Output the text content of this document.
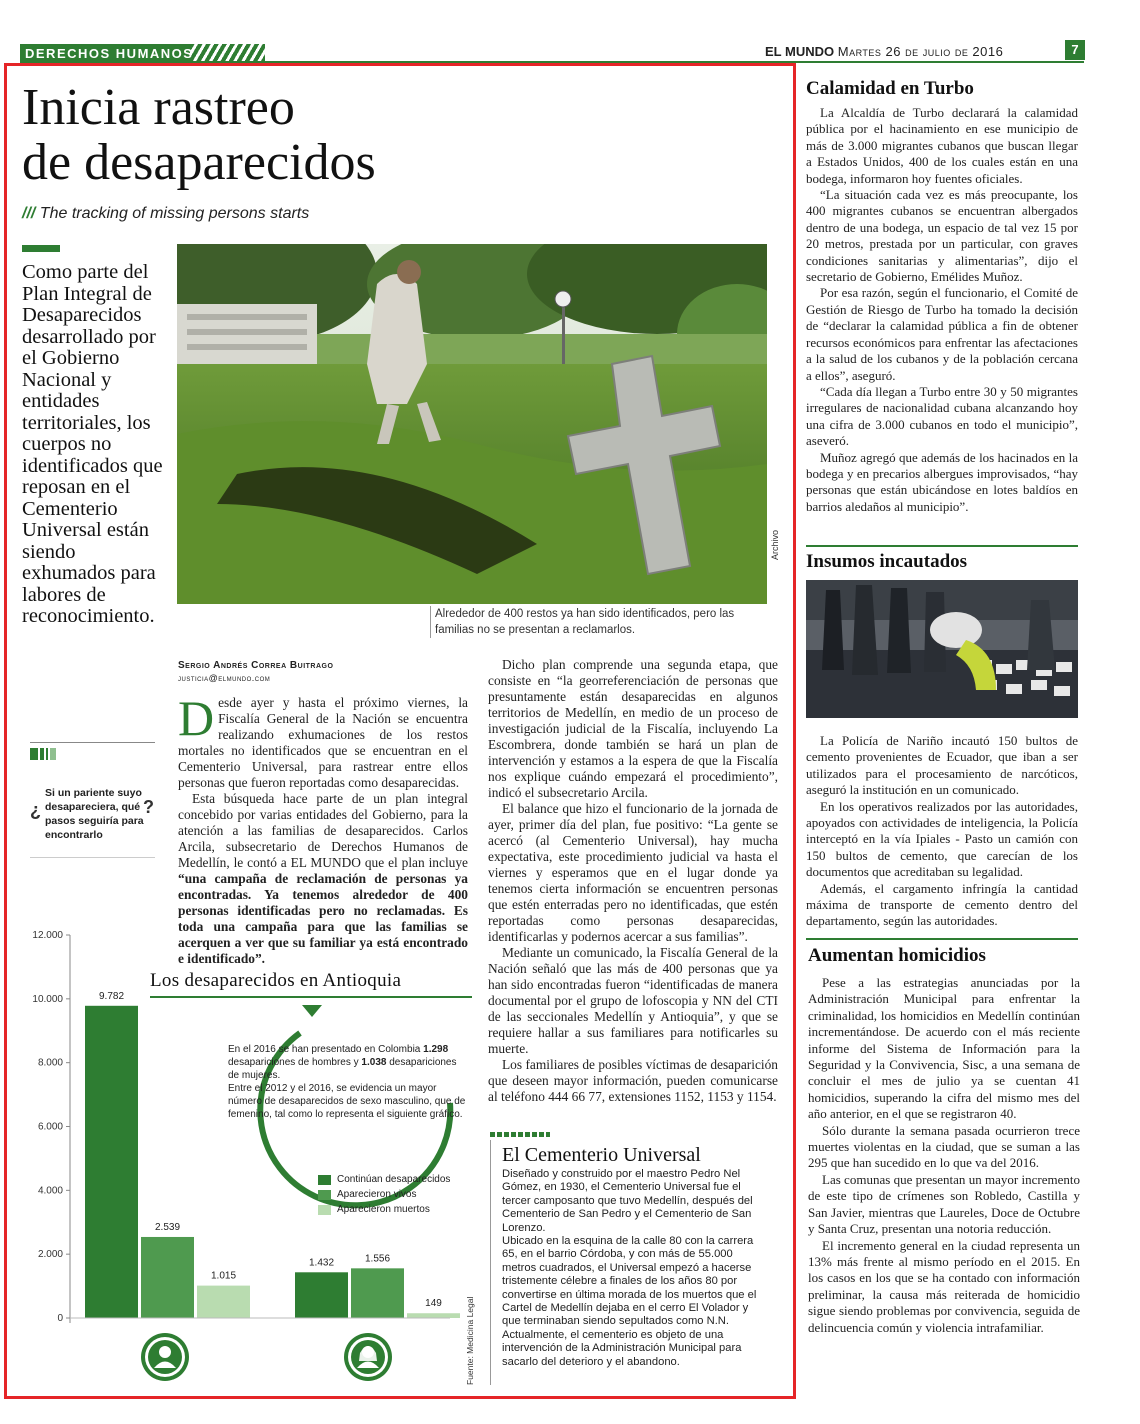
DERECHOS HUMANOS	EL MUNDO Martes 26 de julio de 2016	7
Inicia rastreo
de desaparecidos
/// The tracking of missing persons starts
Como parte del Plan Integral de Desaparecidos desarrollado por el Gobierno Nacional y entidades territoriales, los cuerpos no identificados que reposan en el Cementerio Universal están siendo exhumados para labores de reconocimiento.
Archivo
Alrededor de 400 restos ya han sido identificados, pero las familias no se presentan a reclamarlos.
Sergio Andrés Correa Buitrago
justicia@elmundo.com

Desde ayer y hasta el próximo viernes, la Fiscalía General de la Nación se encuentra realizando exhumaciones de los restos mortales no identificados que se encuentran en el Cementerio Universal, para rastrear entre ellos personas que fueron reportadas como desaparecidas.

Esta búsqueda hace parte de un plan integral concebido por varias entidades del Gobierno, para la atención a las familias de desaparecidos. Carlos Arcila, subsecretario de Derechos Humanos de Medellín, le contó a EL MUNDO que el plan incluye “una campaña de reclamación de personas ya encontradas. Ya tenemos alrededor de 400 personas identificadas pero no reclamadas. Es toda una campaña para que las familias se acerquen a ver que su familiar ya está encontrado e identificado”.

Dicho plan comprende una segunda etapa, que consiste en “la georreferenciación de personas que presuntamente están desaparecidas en algunos territorios de Medellín, en medio de un proceso de investigación judicial de la Fiscalía, incluyendo La Escombrera, donde también se hará un plan de intervención y estamos a la espera de que la Fiscalía nos explique cuándo empezará el procedimiento”, indicó el subsecretario Arcila.

El balance que hizo el funcionario de la jornada de ayer, primer día del plan, fue positivo: “La gente se acercó (al Cementerio Universal), hay mucha expectativa, este procedimiento judicial va hasta el viernes y esperamos que en el lugar donde ya tenemos cierta información se encuentren personas que estén enterradas pero no identificadas, que estén reportadas como personas desaparecidas, identificarlas y podernos acercar a sus familias”.

Mediante un comunicado, la Fiscalía General de la Nación señaló que las más de 400 personas que ya han sido encontradas fueron “identificadas de manera documental por el grupo de lofoscopia y NN del CTI de las seccionales Medellín y Antioquia”, y que se requiere hallar a sus familiares para notificarles su muerte.

Los familiares de posibles víctimas de desaparición que deseen mayor información, pueden comunicarse al teléfono 444 66 77, extensiones 1152, 1153 y 1154.

¿
Si un pariente suyo desapareciera, qué pasos seguiría para encontrarlo
?
0
2.000
4.000
6.000
8.000
10.000
12.000
9.782
2.539
1.015
1.432	1.556
149
Los desaparecidos en Antioquia
En el 2016 se han presentado en Colombia 1.298 desapariciones de hombres y 1.038 desapariciones de mujeres.
Entre el 2012 y el 2016, se evidencia un mayor número de desaparecidos de sexo masculino, que de femenino, tal como lo representa el siguiente gráfico.
Continúan desaparecidos
Aparecieron vivos
Aparecieron muertos
Fuente: Medicina Legal
El Cementerio Universal

Diseñado y construido por el maestro Pedro Nel Gómez, en 1930, el Cementerio Universal fue el tercer camposanto que tuvo Medellín, después del Cementerio de San Pedro y el Cementerio de San Lorenzo.

Ubicado en la esquina de la calle 80 con la carrera 65, en el barrio Córdoba, y con más de 55.000 metros cuadrados, el Universal empezó a hacerse tristemente célebre a finales de los años 80 por convertirse en última morada de los muertos que el Cartel de Medellín dejaba en el cerro El Volador y que terminaban siendo sepultados como N.N. Actualmente, el cementerio es objeto de una intervención de la Administración Municipal para sacarlo del deterioro y el abandono.

Calamidad en Turbo

La Alcaldía de Turbo declarará la calamidad pública por el hacinamiento en ese municipio de más de 3.000 migrantes cubanos que buscan llegar a Estados Unidos, 400 de los cuales están en una bodega, informaron hoy fuentes oficiales.

“La situación cada vez es más preocupante, los 400 migrantes cubanos se encuentran albergados dentro de una bodega, un espacio de tal vez 15 por 20 metros, prestada por un particular, con graves condiciones sanitarias y alimentarias”, dijo el secretario de Gobierno, Emélides Muñoz.

Por esa razón, según el funcionario, el Comité de Gestión de Riesgo de Turbo ha tomado la decisión de “declarar la calamidad pública a fin de obtener recursos económicos para enfrentar las afectaciones a la salud de los cubanos y de la población cercana a ellos”, aseguró.

“Cada día llegan a Turbo entre 30 y 50 migrantes irregulares de nacionalidad cubana alcanzando hoy una cifra de 3.000 cubanos en todo el municipio”, aseveró.

Muñoz agregó que además de los hacinados en la bodega y en precarios albergues improvisados, “hay personas que están ubicándose en lotes baldíos en barrios aledaños al municipio”.

Insumos incautados

La Policía de Nariño incautó 150 bultos de cemento provenientes de Ecuador, que iban a ser utilizados para el procesamiento de narcóticos, aseguró la institución en un comunicado.

En los operativos realizados por las autoridades, apoyados con actividades de inteligencia, la Policía interceptó en la vía Ipiales - Pasto un camión con 150 bultos de cemento, que carecían de los documentos que acreditaban su legalidad.

Además, el cargamento infringía la cantidad máxima de transporte de cemento dentro del departamento, según las autoridades.

Aumentan homicidios

Pese a las estrategias anunciadas por la Administración Municipal para enfrentar la criminalidad, los homicidios en Medellín continúan incrementándose. De acuerdo con el más reciente informe del Sistema de Información para la Seguridad y la Convivencia, Sisc, a una semana de concluir el mes de julio ya se cuentan 41 homicidios, superando la cifra del mismo mes del año anterior, en el que se registraron 40.

Sólo durante la semana pasada ocurrieron trece muertes violentas en la ciudad, que se suman a las 295 que han sucedido en lo que va del 2016.

Las comunas que presentan un mayor incremento de este tipo de crímenes son Robledo, Castilla y San Javier, mientras que Laureles, Doce de Octubre y Santa Cruz, presentan una notoria reducción.

El incremento general en la ciudad representa un 13% más frente al mismo período en el 2015. En los casos en los que se ha contado con información preliminar, la causa más reiterada de homicidio sigue siendo problemas por convivencia, seguida de delincuencia común y violencia intrafamiliar.
